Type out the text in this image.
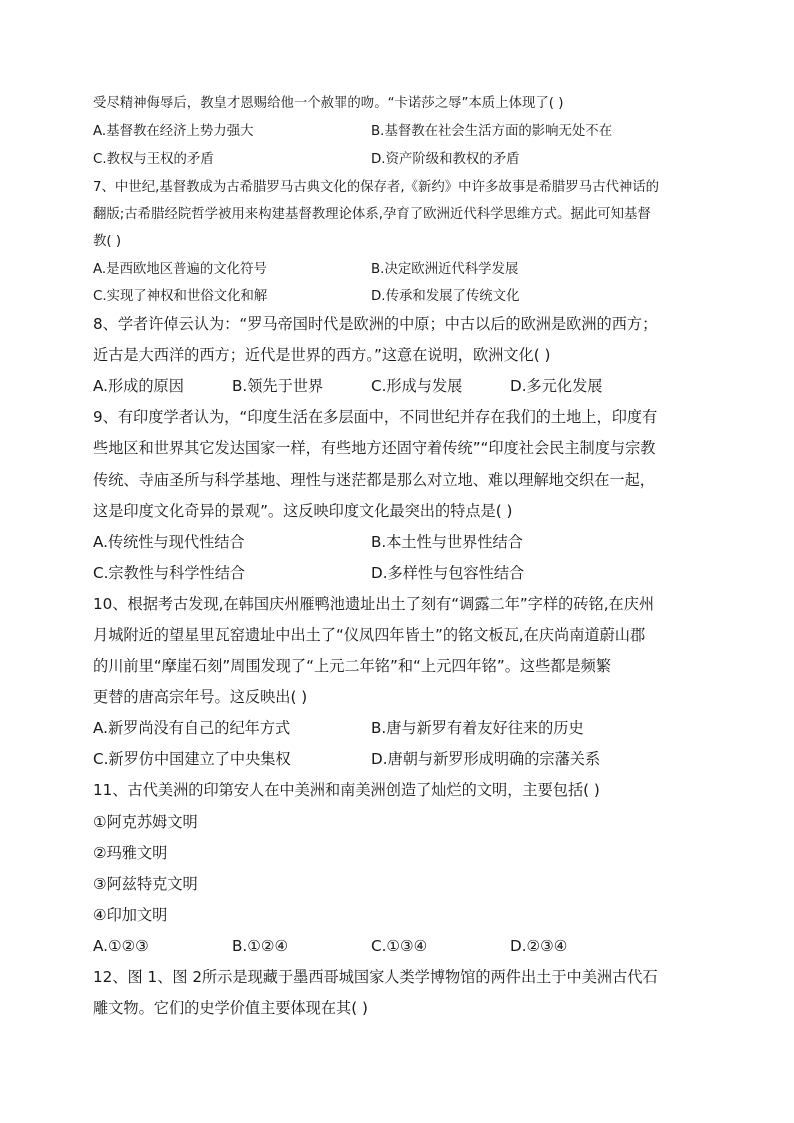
受尽精神侮辱后，教皇才恩赐给他一个赦罪的吻。“卡诺莎之辱”本质上体现了( )
A.基督教在经济上势力强大	B.基督教在社会生活方面的影响无处不在
C.教权与王权的矛盾	D.资产阶级和教权的矛盾
7、中世纪,基督教成为古希腊罗马古典文化的保存者,《新约》中许多故事是希腊罗马古代神话的
翻版;古希腊经院哲学被用来构建基督教理论体系,孕育了欧洲近代科学思维方式。据此可知基督
教( )
A.是西欧地区普遍的文化符号	B.决定欧洲近代科学发展
C.实现了神权和世俗文化和解	D.传承和发展了传统文化
8、学者许倬云认为：“罗马帝国时代是欧洲的中原；中古以后的欧洲是欧洲的西方；
近古是大西洋的西方；近代是世界的西方。”这意在说明，欧洲文化( )
A.形成的原因	B.领先于世界	C.形成与发展	D.多元化发展
9、有印度学者认为，“印度生活在多层面中，不同世纪并存在我们的土地上，印度有
些地区和世界其它发达国家一样，有些地方还固守着传统”“印度社会民主制度与宗教
传统、寺庙圣所与科学基地、理性与迷茫都是那么对立地、难以理解地交织在一起，
这是印度文化奇异的景观”。这反映印度文化最突出的特点是( )
A.传统性与现代性结合	B.本土性与世界性结合
C.宗教性与科学性结合	D.多样性与包容性结合
10、根据考古发现,在韩国庆州雁鸭池遗址出土了刻有“调露二年”字样的砖铭,在庆州
月城附近的望星里瓦窑遗址中出土了“仪凤四年皆土”的铭文板瓦,在庆尚南道蔚山郡
的川前里“摩崖石刻”周围发现了“上元二年铭”和“上元四年铭”。这些都是频繁
更替的唐高宗年号。这反映出( )
A.新罗尚没有自己的纪年方式	B.唐与新罗有着友好往来的历史
C.新罗仿中国建立了中央集权	D.唐朝与新罗形成明确的宗藩关系
11、古代美洲的印第安人在中美洲和南美洲创造了灿烂的文明，主要包括( )
①阿克苏姆文明
②玛雅文明
③阿兹特克文明
④印加文明
A.①②③	B.①②④	C.①③④	D.②③④
12、图 1、图 2所示是现藏于墨西哥城国家人类学博物馆的两件出土于中美洲古代石
雕文物。它们的史学价值主要体现在其( )
